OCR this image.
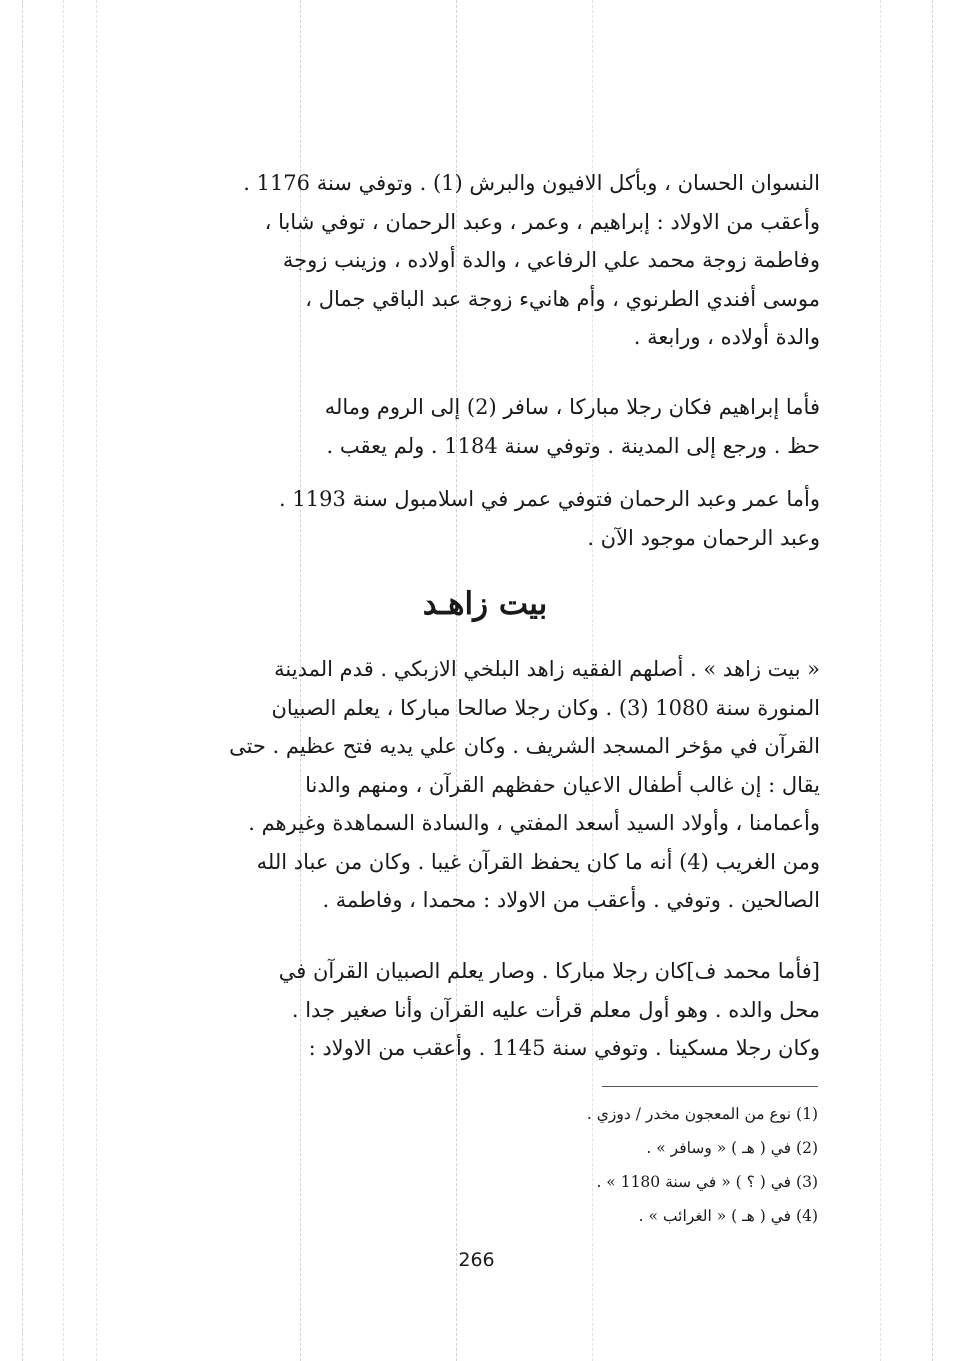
النسوان الحسان ، وبأكل الافيون والبرش (1) . وتوفي سنة 1176 .
وأعقب من الاولاد : إبراهيم ، وعمر ، وعبد الرحمان ، توفي شابا ،
وفاطمة زوجة محمد علي الرفاعي ، والدة أولاده ، وزينب زوجة
موسى أفندي الطرنوي ، وأم هانيء زوجة عبد الباقي جمال ،
والدة أولاده ، ورابعة .
فأما إبراهيم فكان رجلا مباركا ، سافر (2) إلى الروم وماله
حظ . ورجع إلى المدينة . وتوفي سنة 1184 . ولم يعقب .
وأما عمر وعبد الرحمان فتوفي عمر في اسلامبول سنة 1193 .
وعبد الرحمان موجود الآن .
بيت زاهـد
« بيت زاهد » . أصلهم الفقيه زاهد البلخي الازبكي . قدم المدينة
المنورة سنة 1080 (3) . وكان رجلا صالحا مباركا ، يعلم الصبيان
القرآن في مؤخر المسجد الشريف . وكان علي يديه فتح عظيم . حتى
يقال : إن غالب أطفال الاعيان حفظهم القرآن ، ومنهم والدنا
وأعمامنا ، وأولاد السيد أسعد المفتي ، والسادة السماهدة وغيرهم .
ومن الغريب (4) أنه ما كان يحفظ القرآن غيبا . وكان من عباد الله
الصالحين . وتوفي . وأعقب من الاولاد : محمدا ، وفاطمة .
[فأما محمد ف]كان رجلا مباركا . وصار يعلم الصبيان القرآن في
محل والده . وهو أول معلم قرأت عليه القرآن وأنا صغير جدا .
وكان رجلا مسكينا . وتوفي سنة 1145 . وأعقب من الاولاد :
(1) نوع من المعجون مخدر / دوزي .
(2) في ( هـ ) « وسافر » .
(3) في ( ؟ ) « في سنة 1180 » .
(4) في ( هـ ) « الغرائب » .
266
